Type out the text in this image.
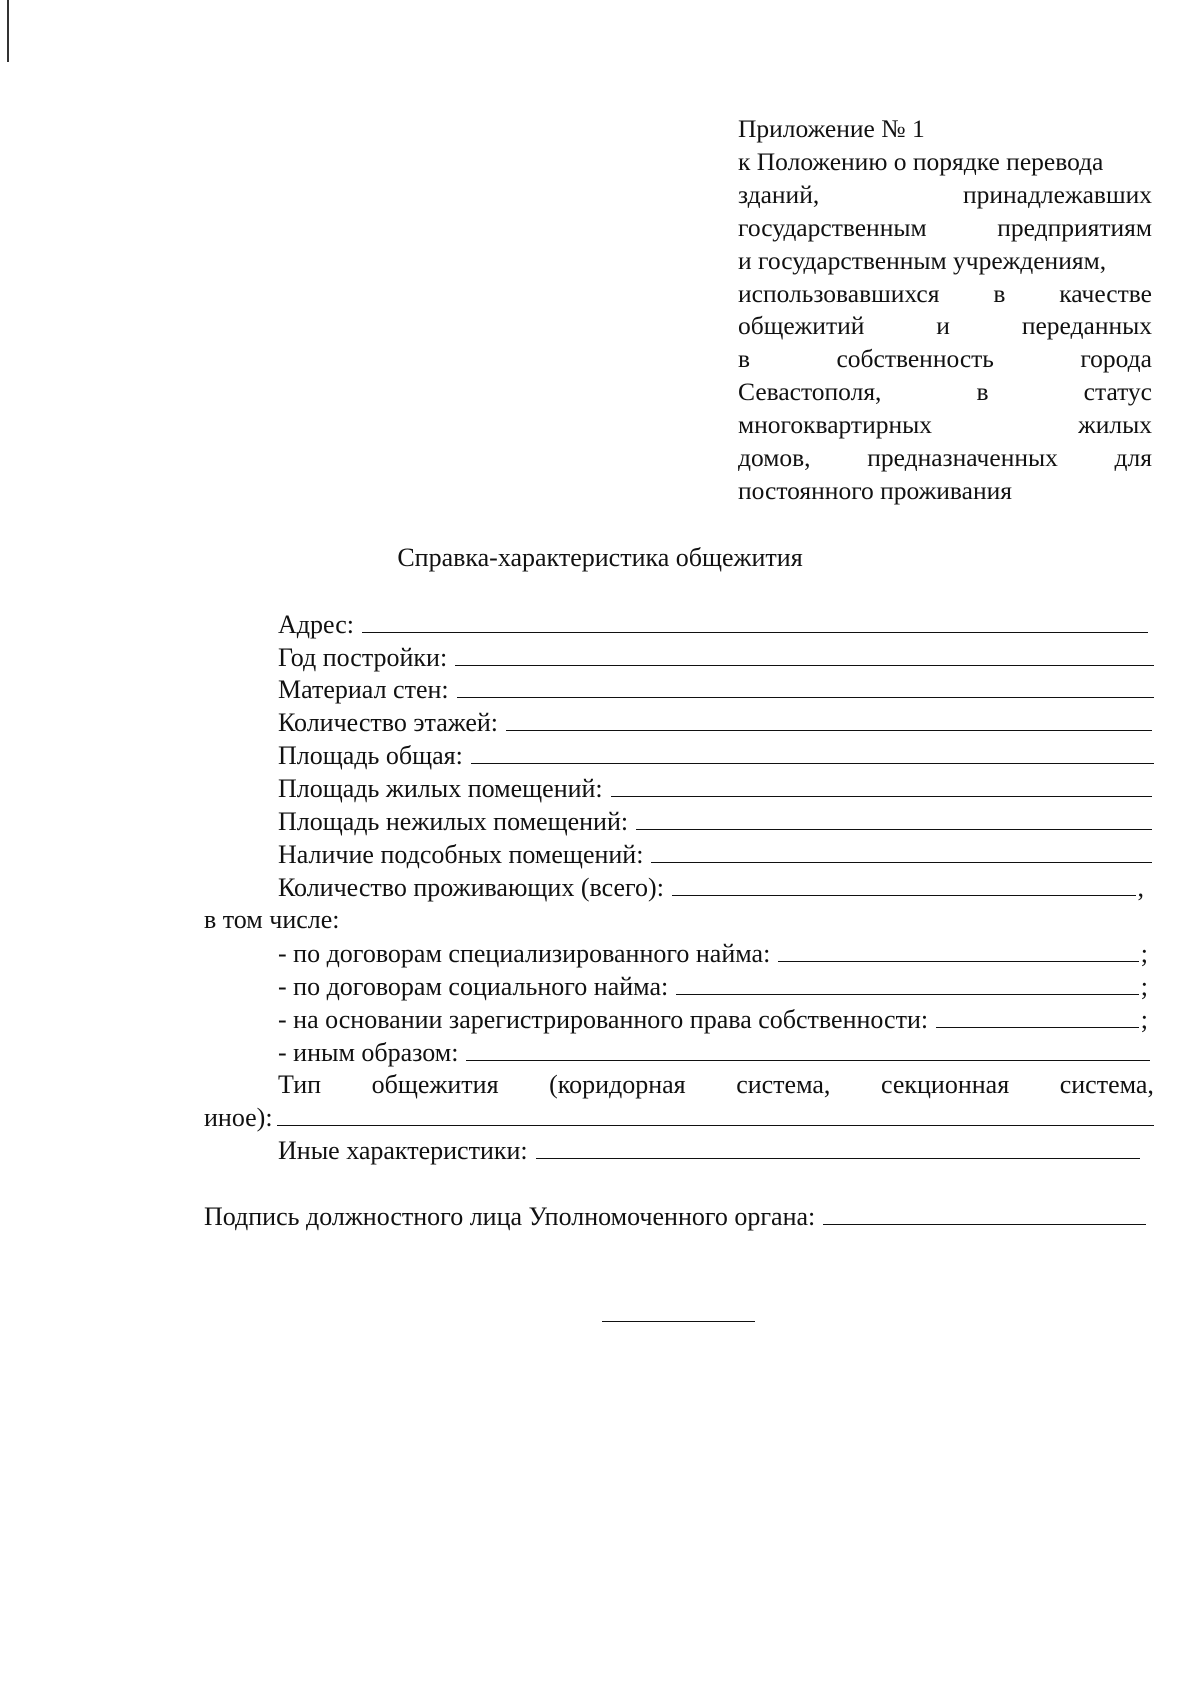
Приложение № 1
к Положению о порядке перевода
зданий,	принадлежавших
государственным	предприятиям
и государственным учреждениям,
использовавшихся в качестве
общежитий	и	переданных
в	собственность	города
Севастополя,	в	статус
многоквартирных	жилых
домов, предназначенных для
постоянного проживания
Справка-характеристика общежития
Адрес:
Год постройки:
Материал стен:
Количество этажей:
Площадь общая:
Площадь жилых помещений:
Площадь нежилых помещений:
Наличие подсобных помещений:
Количество проживающих (всего):	,
в том числе:
- по договорам специализированного найма:	;
- по договорам социального найма:	;
- на основании зарегистрированного права собственности:	;
- иным образом:
Тип общежития (коридорная система, секционная система,
иное):
Иные характеристики:
Подпись должностного лица Уполномоченного органа:
